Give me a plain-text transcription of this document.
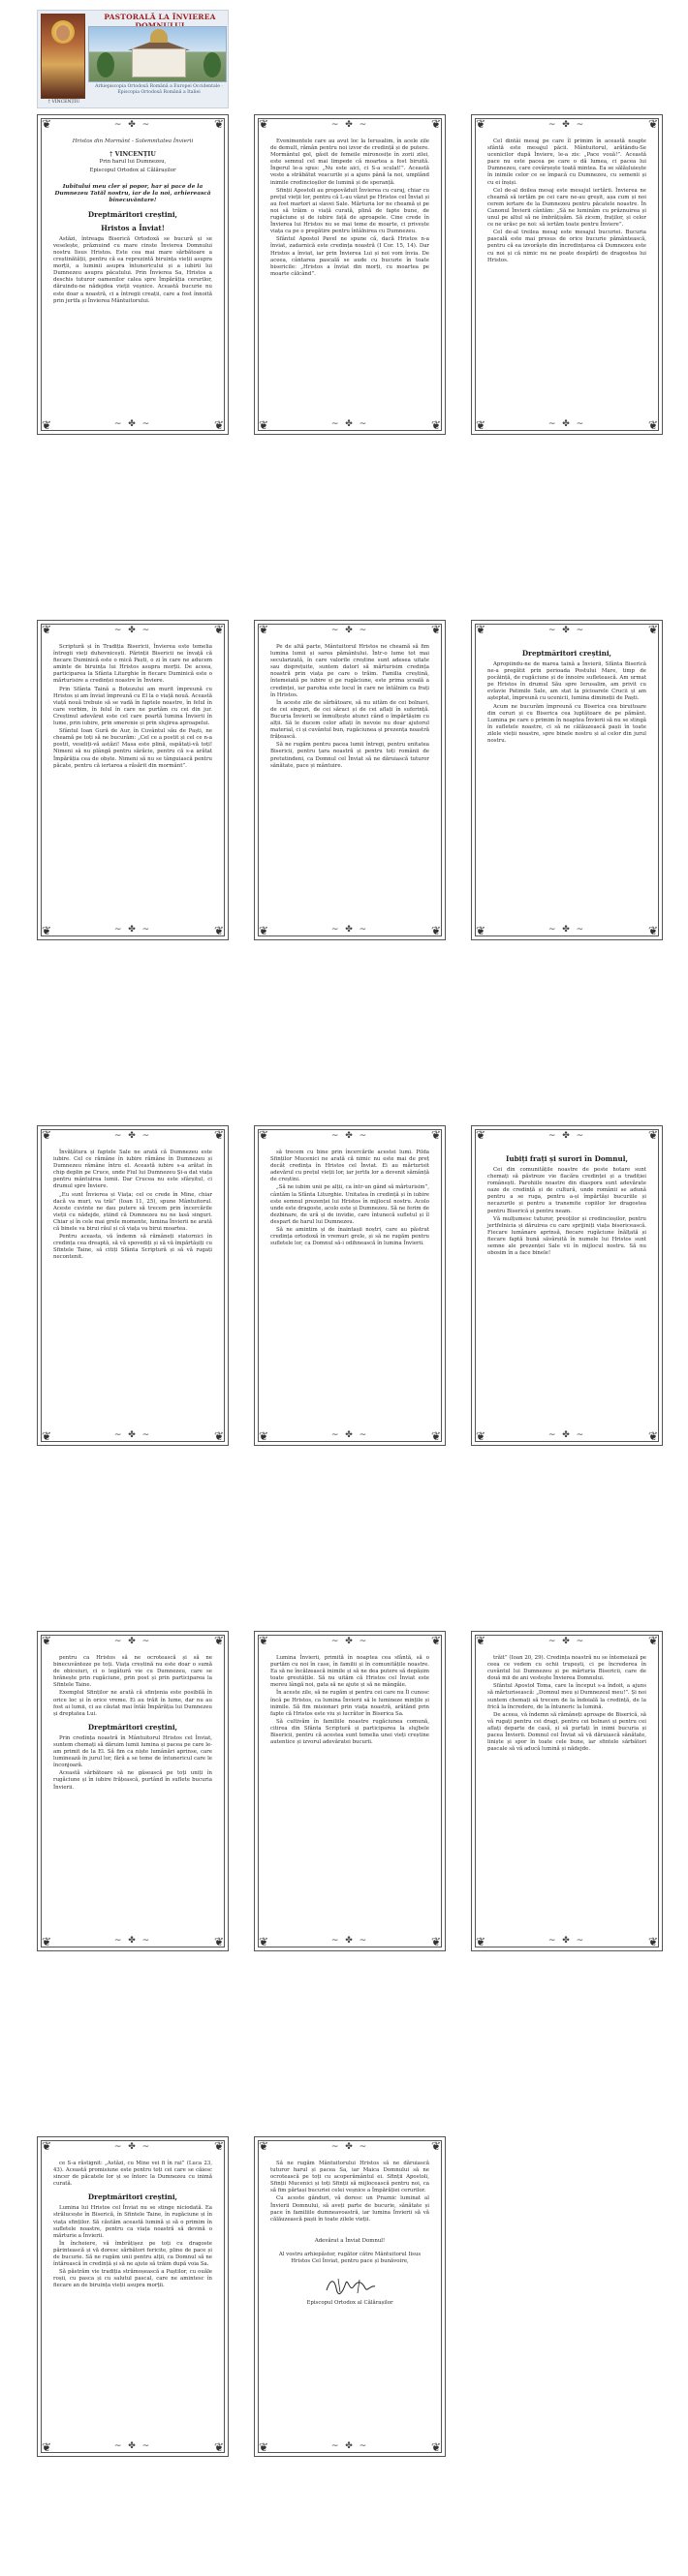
PASTORALĂ LA ÎNVIEREA
Arhiepiscopia Ortodoxă Română a Europei Occidentale · Episcopia Ortodoxă Română a Italiei
† VINCENȚIU
❦	❦
❦	❦
~ ✤ ~
~ ✤ ~
Hristos din Mormânt - Solemnitatea Învierii
† VINCENȚIU
Prin harul lui Dumnezeu,
Episcopul Ortodox al Călărașilor
Iubitului meu cler și popor, har și pace de la Dumnezeu Tatăl nostru, iar de la noi, arhierească binecuvântare!
Dreptmăritori creștini,
Hristos a Înviat!
Astăzi, întreaga Biserică Ortodoxă se bucură și se veselește, prăznuind cu mare cinste Învierea Domnului nostru Iisus Hristos. Este cea mai mare sărbătoare a creștinătății, pentru că ea reprezintă biruința vieții asupra morții, a luminii asupra întunericului și a iubirii lui Dumnezeu asupra păcatului. Prin Învierea Sa, Hristos a deschis tuturor oamenilor calea spre Împărăția cerurilor, dăruindu-ne nădejdea vieții veșnice. Această bucurie nu este doar a noastră, ci a întregii creații, care a fost înnoită prin jertfa și Învierea Mântuitorului.
❦	❦
❦	❦
~ ✤ ~
~ ✤ ~
Evenimentele care au avut loc la Ierusalim, în acele zile de demult, rămân pentru noi izvor de credință și de putere. Mormântul gol, găsit de femeile mironosițe în zorii zilei, este semnul cel mai limpede că moartea a fost biruită. Îngerul le-a spus: „Nu este aici, ci S-a sculat!”. Această veste a străbătut veacurile și a ajuns până la noi, umplând inimile credincioșilor de lumină și de speranță.
Sfinții Apostoli au propovăduit Învierea cu curaj, chiar cu prețul vieții lor, pentru că L-au văzut pe Hristos cel Înviat și au fost martori ai slavei Sale. Mărturia lor ne cheamă și pe noi să trăim o viață curată, plină de fapte bune, de rugăciune și de iubire față de aproapele. Cine crede în Învierea lui Hristos nu se mai teme de moarte, ci privește viața ca pe o pregătire pentru întâlnirea cu Dumnezeu.
Sfântul Apostol Pavel ne spune că, dacă Hristos n-a înviat, zadarnică este credința noastră (I Cor. 15, 14). Dar Hristos a înviat, iar prin Învierea Lui și noi vom învia. De aceea, cântarea pascală se aude cu bucurie în toate bisericile: „Hristos a înviat din morți, cu moartea pe moarte călcând”.
❦	❦
❦	❦
~ ✤ ~
~ ✤ ~
Cel dintâi mesaj pe care îl primim în această noapte sfântă este mesajul păcii. Mântuitorul, arătându-Se ucenicilor după Înviere, le-a zis: „Pace vouă!”. Această pace nu este pacea pe care o dă lumea, ci pacea lui Dumnezeu, care covârșește toată mintea. Ea se sălășluiește în inimile celor ce se împacă cu Dumnezeu, cu semenii și cu ei înșiși.
Cel de-al doilea mesaj este mesajul iertării. Învierea ne cheamă să iertăm pe cei care ne-au greșit, așa cum și noi cerem iertare de la Dumnezeu pentru păcatele noastre. În Canonul Învierii cântăm: „Să ne luminăm cu prăznuirea și unul pe altul să ne îmbrățișăm. Să zicem, fraților, și celor ce ne urăsc pe noi: să iertăm toate pentru Înviere”.
Cel de-al treilea mesaj este mesajul bucuriei. Bucuria pascală este mai presus de orice bucurie pământească, pentru că ea izvorăște din încredințarea că Dumnezeu este cu noi și că nimic nu ne poate despărți de dragostea lui Hristos.
❦	❦
❦	❦
~ ✤ ~
~ ✤ ~
Scriptură și în Tradiția Bisericii, Învierea este temelia întregii vieți duhovnicești. Părinții Bisericii ne învață că fiecare Duminică este o mică Paști, o zi în care ne aducem aminte de biruința lui Hristos asupra morții. De aceea, participarea la Sfânta Liturghie în fiecare Duminică este o mărturisire a credinței noastre în Înviere.
Prin Sfânta Taină a Botezului am murit împreună cu Hristos și am înviat împreună cu El la o viață nouă. Această viață nouă trebuie să se vadă în faptele noastre, în felul în care vorbim, în felul în care ne purtăm cu cei din jur. Creștinul adevărat este cel care poartă lumina Învierii în lume, prin iubire, prin smerenie și prin slujirea aproapelui.
Sfântul Ioan Gură de Aur, în Cuvântul său de Paști, ne cheamă pe toți să ne bucurăm: „Cel ce a postit și cel ce n-a postit, veseliți-vă astăzi! Masa este plină, ospătați-vă toți! Nimeni să nu plângă pentru sărăcie, pentru că s-a arătat Împărăția cea de obște. Nimeni să nu se tânguiască pentru păcate, pentru că iertarea a răsărit din mormânt”.
❦	❦
❦	❦
~ ✤ ~
~ ✤ ~
Pe de altă parte, Mântuitorul Hristos ne cheamă să fim lumina lumii și sarea pământului. Într-o lume tot mai secularizată, în care valorile creștine sunt adesea uitate sau disprețuite, suntem datori să mărturisim credința noastră prin viața pe care o trăim. Familia creștină, întemeiată pe iubire și pe rugăciune, este prima școală a credinței, iar parohia este locul în care ne întâlnim ca frați în Hristos.
În aceste zile de sărbătoare, să nu uităm de cei bolnavi, de cei singuri, de cei săraci și de cei aflați în suferință. Bucuria Învierii se înmulțește atunci când o împărtășim cu alții. Să le ducem celor aflați în nevoie nu doar ajutorul material, ci și cuvântul bun, rugăciunea și prezența noastră frățească.
Să ne rugăm pentru pacea lumii întregi, pentru unitatea Bisericii, pentru țara noastră și pentru toți românii de pretutindeni, ca Domnul cel Înviat să ne dăruiască tuturor sănătate, pace și mântuire.
❦	❦
❦	❦
~ ✤ ~
~ ✤ ~
Dreptmăritori creștini,
Apropiindu-ne de marea taină a Învierii, Sfânta Biserică ne-a pregătit prin perioada Postului Mare, timp de pocăință, de rugăciune și de înnoire sufletească. Am urmat pe Hristos în drumul Său spre Ierusalim, am privit cu evlavie Patimile Sale, am stat la picioarele Crucii și am așteptat, împreună cu ucenicii, lumina dimineții de Paști.
Acum ne bucurăm împreună cu Biserica cea biruitoare din ceruri și cu Biserica cea luptătoare de pe pământ. Lumina pe care o primim în noaptea Învierii să nu se stingă în sufletele noastre, ci să ne călăuzească pașii în toate zilele vieții noastre, spre binele nostru și al celor din jurul nostru.
❦	❦
❦	❦
~ ✤ ~
~ ✤ ~
Învățătura și faptele Sale ne arată că Dumnezeu este iubire. Cel ce rămâne în iubire rămâne în Dumnezeu și Dumnezeu rămâne întru el. Această iubire s-a arătat în chip deplin pe Cruce, unde Fiul lui Dumnezeu Și-a dat viața pentru mântuirea lumii. Dar Crucea nu este sfârșitul, ci drumul spre Înviere.
„Eu sunt Învierea și Viața; cel ce crede în Mine, chiar dacă va muri, va trăi” (Ioan 11, 25), spune Mântuitorul. Aceste cuvinte ne dau putere să trecem prin încercările vieții cu nădejde, știind că Dumnezeu nu ne lasă singuri. Chiar și în cele mai grele momente, lumina Învierii ne arată că binele va birui răul și că viața va birui moartea.
Pentru aceasta, vă îndemn să rămâneți statornici în credința cea dreaptă, să vă spovediți și să vă împărtășiți cu Sfintele Taine, să citiți Sfânta Scriptură și să vă rugați necontenit.
❦	❦
❦	❦
~ ✤ ~
~ ✤ ~
să trecem cu bine prin încercările acestei lumi. Pilda Sfinților Mucenici ne arată că nimic nu este mai de preț decât credința în Hristos cel Înviat. Ei au mărturisit adevărul cu prețul vieții lor, iar jertfa lor a devenit sămânță de creștini.
„Să ne iubim unii pe alții, ca într-un gând să mărturisim”, cântăm la Sfânta Liturghie. Unitatea în credință și în iubire este semnul prezenței lui Hristos în mijlocul nostru. Acolo unde este dragoste, acolo este și Dumnezeu. Să ne ferim de dezbinare, de ură și de invidie, care întunecă sufletul și îl despart de harul lui Dumnezeu.
Să ne amintim și de înaintașii noștri, care au păstrat credința ortodoxă în vremuri grele, și să ne rugăm pentru sufletele lor, ca Domnul să-i odihnească în lumina Învierii.
❦	❦
❦	❦
~ ✤ ~
~ ✤ ~
Iubiți frați și surori în Domnul,
Cei din comunitățile noastre de peste hotare sunt chemați să păstreze vie flacăra credinței și a tradiției românești. Parohiile noastre din diaspora sunt adevărate oaze de credință și de cultură, unde românii se adună pentru a se ruga, pentru a-și împărtăși bucuriile și necazurile și pentru a transmite copiilor lor dragostea pentru Biserică și pentru neam.
Vă mulțumesc tuturor, preoților și credincioșilor, pentru jertfelnicia și dăruirea cu care sprijiniți viața bisericească. Fiecare lumânare aprinsă, fiecare rugăciune înălțată și fiecare faptă bună săvârșită în numele lui Hristos sunt semne ale prezenței Sale vii în mijlocul nostru. Să nu obosim în a face binele!
❦	❦
❦	❦
~ ✤ ~
~ ✤ ~
pentru ca Hristos să ne ocrotească și să ne binecuvânteze pe toți. Viața creștină nu este doar o sumă de obiceiuri, ci o legătură vie cu Dumnezeu, care se hrănește prin rugăciune, prin post și prin participarea la Sfintele Taine.
Exemplul Sfinților ne arată că sfințenia este posibilă în orice loc și în orice vreme. Ei au trăit în lume, dar nu au fost ai lumii, ci au căutat mai întâi Împărăția lui Dumnezeu și dreptatea Lui.
Dreptmăritori creștini,
Prin credința noastră în Mântuitorul Hristos cel Înviat, suntem chemați să dăruim lumii lumina și pacea pe care le-am primit de la El. Să fim ca niște lumânări aprinse, care luminează în jurul lor, fără a se teme de întunericul care le înconjoară.
Această sărbătoare să ne găsească pe toți uniți în rugăciune și în iubire frățească, purtând în suflete bucuria Învierii.
❦	❦
❦	❦
~ ✤ ~
~ ✤ ~
Lumina Învierii, primită în noaptea cea sfântă, să o purtăm cu noi în case, în familii și în comunitățile noastre. Ea să ne încălzească inimile și să ne dea putere să depășim toate greutățile. Să nu uităm că Hristos cel Înviat este mereu lângă noi, gata să ne ajute și să ne mângâie.
În aceste zile, să ne rugăm și pentru cei care nu Îl cunosc încă pe Hristos, ca lumina Învierii să le lumineze mințile și inimile. Să fim misionari prin viața noastră, arătând prin fapte că Hristos este viu și lucrător în Biserica Sa.
Să cultivăm în familiile noastre rugăciunea comună, citirea din Sfânta Scriptură și participarea la slujbele Bisericii, pentru că acestea sunt temelia unei vieți creștine autentice și izvorul adevăratei bucurii.
❦	❦
❦	❦
~ ✤ ~
~ ✤ ~
trăit” (Ioan 20, 29). Credința noastră nu se întemeiază pe ceea ce vedem cu ochii trupești, ci pe încrederea în cuvântul lui Dumnezeu și pe mărturia Bisericii, care de două mii de ani vestește Învierea Domnului.
Sfântul Apostol Toma, care la început s-a îndoit, a ajuns să mărturisească: „Domnul meu și Dumnezeul meu!”. Și noi suntem chemați să trecem de la îndoială la credință, de la frică la încredere, de la întuneric la lumină.
De aceea, vă îndemn să rămâneți aproape de Biserică, să vă rugați pentru cei dragi, pentru cei bolnavi și pentru cei aflați departe de casă, și să purtați în inimi bucuria și pacea Învierii. Domnul cel Înviat să vă dăruiască sănătate, liniște și spor în toate cele bune, iar sfintele sărbători pascale să vă aducă lumină și nădejde.
❦	❦
❦	❦
~ ✤ ~
~ ✤ ~
ce S-a răstignit: „Astăzi, cu Mine vei fi în rai” (Luca 23, 43). Această promisiune este pentru toți cei care se căiesc sincer de păcatele lor și se întorc la Dumnezeu cu inimă curată.
Dreptmăritori creștini,
Lumina lui Hristos cel Înviat nu se stinge niciodată. Ea strălucește în Biserică, în Sfintele Taine, în rugăciune și în viața sfinților. Să căutăm această lumină și să o primim în sufletele noastre, pentru ca viața noastră să devină o mărturie a Învierii.
În încheiere, vă îmbrățișez pe toți cu dragoste părintească și vă doresc sărbători fericite, pline de pace și de bucurie. Să ne rugăm unii pentru alții, ca Domnul să ne întărească în credință și să ne ajute să trăim după voia Sa.
Să păstrăm vie tradiția strămoșească a Paștilor, cu ouăle roșii, cu pasca și cu salutul pascal, care ne amintesc în fiecare an de biruința vieții asupra morții.
❦	❦
❦	❦
~ ✤ ~
~ ✤ ~
Să ne rugăm Mântuitorului Hristos să ne dăruiască tuturor harul și pacea Sa, iar Maica Domnului să ne ocrotească pe toți cu acoperământul ei. Sfinții Apostoli, Sfinții Mucenici și toți Sfinții să mijlocească pentru noi, ca să fim părtași bucuriei celei veșnice a Împărăției cerurilor.
Cu aceste gânduri, vă doresc un Praznic luminat al Învierii Domnului, să aveți parte de bucurie, sănătate și pace în familiile dumneavoastră, iar lumina Învierii să vă călăuzească pașii în toate zilele vieții.
Adevărat a Înviat Domnul!
Al vostru arhiepăstor, rugător către Mântuitorul Iisus Hristos Cel Înviat, pentru pace și bunăvoire,
Episcopul Ortodox al Călărașilor
